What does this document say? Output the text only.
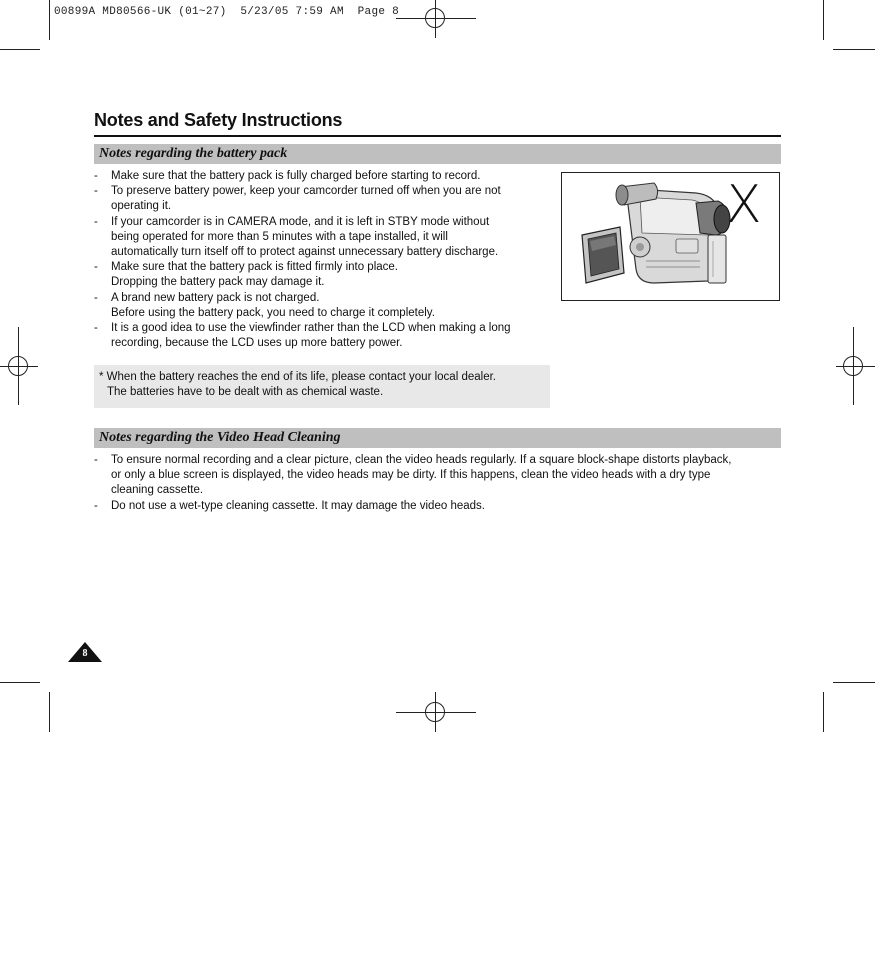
00899A MD80566-UK (01~27)  5/23/05 7:59 AM  Page 8
Notes and Safety Instructions
Notes regarding the battery pack
- Make sure that the battery pack is fully charged before starting to record.
- To preserve battery power, keep your camcorder turned off when you are not
operating it.
- If your camcorder is in CAMERA mode, and it is left in STBY mode without
being operated for more than 5 minutes with a tape installed, it will
automatically turn itself off to protect against unnecessary battery discharge.
- Make sure that the battery pack is fitted firmly into place.
Dropping the battery pack may damage it.
- A brand new battery pack is not charged.
Before using the battery pack, you need to charge it completely.
- It is a good idea to use the viewfinder rather than the LCD when making a long
recording, because the LCD uses up more battery power.
* When the battery reaches the end of its life, please contact your local dealer.
The batteries have to be dealt with as chemical waste.
X
Notes regarding the Video Head Cleaning
- To ensure normal recording and a clear picture, clean the video heads regularly. If a square block-shape distorts playback,
or only a blue screen is displayed, the video heads may be dirty. If this happens, clean the video heads with a dry type
cleaning cassette.
- Do not use a wet-type cleaning cassette. It may damage the video heads.
8
